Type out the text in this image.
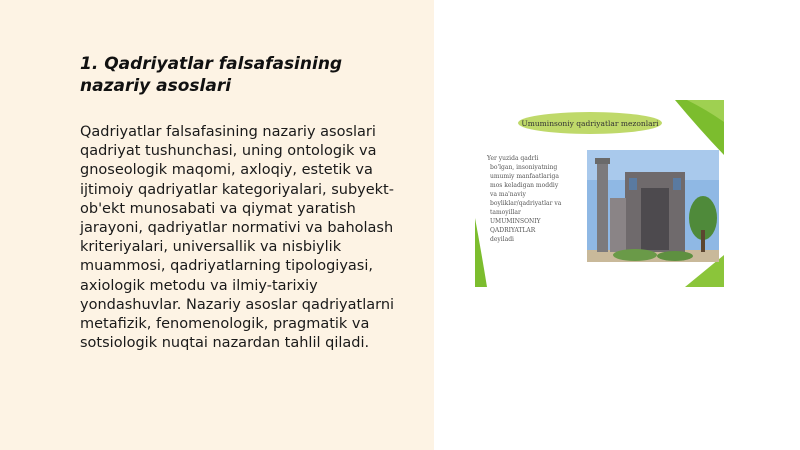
1. Qadriyatlar falsafasining nazariy asoslari

Qadriyatlar falsafasining nazariy asoslari qadriyat tushunchasi, uning ontologik va gnoseologik maqomi, axloqiy, estetik va ijtimoiy qadriyatlar kategoriyalari, subyekt-ob'ekt munosabati va qiymat yaratish jarayoni, qadriyatlar normativi va baholash kriteriyalari, universallik va nisbiylik muammosi, qadriyatlarning tipologiyasi, axiologik metodu va ilmiy-tarixiy yondashuvlar. Nazariy asoslar qadriyatlarni metafizik, fenomenologik, pragmatik va sotsiologik nuqtai nazardan tahlil qiladi.

Umuminsoniy qadriyatlar mezonlari
Yer yuzida qadrli
bo'lgan, insoniyatning
umumiy manfaatlariga
mos keladigan moddiy
va ma'naviy
boyliklar/qadriyatlar va
tamoyillar
UMUMINSONIY
QADRIYATLAR
deyiladi
